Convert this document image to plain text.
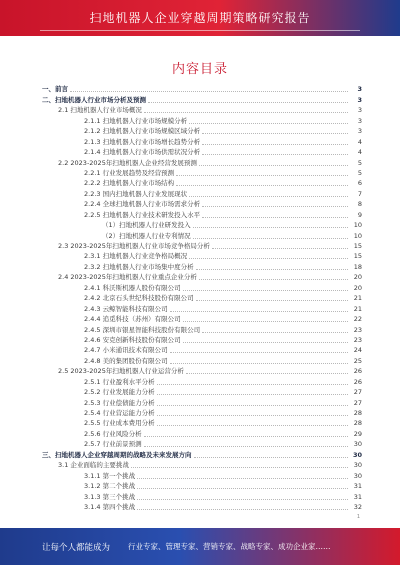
扫地机器人企业穿越周期策略研究报告
内容目录
一、前言	3
二、扫地机器人行业市场分析及预测	3
2.1 扫地机器人行业市场概况	3
2.1.1 扫地机器人行业市场规模分析	3
2.1.2 扫地机器人行业市场规模区域分析	3
2.1.3 扫地机器人行业市场增长趋势分析	4
2.1.4 扫地机器人行业市场供需状况分析	4
2.2 2023-2025年扫地机器人企业经营发展预测	5
2.2.1 行业发展趋势及经营预测	5
2.2.2 扫地机器人行业市场结构	6
2.2.3 国内扫地机器人行业发展现状	7
2.2.4 全球扫地机器人行业市场需求分析	8
2.2.5 扫地机器人行业技术研发投入水平	9
（1）扫地机器人行业研发投入	10
（2）扫地机器人行业专利情况	10
2.3 2023-2025年扫地机器人行业市场竞争格局分析	15
2.3.1 扫地机器人行业竞争格局概况	15
2.3.2 扫地机器人行业市场集中度分析	18
2.4 2023-2025年扫地机器人行业重点企业分析	20
2.4.1 科沃斯机器人股份有限公司	20
2.4.2 北京石头世纪科技股份有限公司	21
2.4.3 云鲸智能科技有限公司	21
2.4.4 追觅科技（苏州）有限公司	22
2.4.5 深圳市银星智能科技股份有限公司	23
2.4.6 安克创新科技股份有限公司	23
2.4.7 小米通讯技术有限公司	24
2.4.8 美的集团股份有限公司	25
2.5 2023-2025年扫地机器人行业运营分析	26
2.5.1 行业盈利水平分析	26
2.5.2 行业发展能力分析	27
2.5.3 行业偿债能力分析	27
2.5.4 行业营运能力分析	28
2.5.5 行业成本费用分析	28
2.5.6 行业风险分析	29
2.5.7 行业前景预测	30
三、扫地机器人企业穿越周期的战略及未来发展方向	30
3.1 企业面临的主要挑战	30
3.1.1 第一个挑战	30
3.1.2 第二个挑战	31
3.1.3 第三个挑战	31
3.1.4 第四个挑战	32
1
让每个人都能成为 行业专家、管理专家、营销专家、战略专家、成功企业家……
